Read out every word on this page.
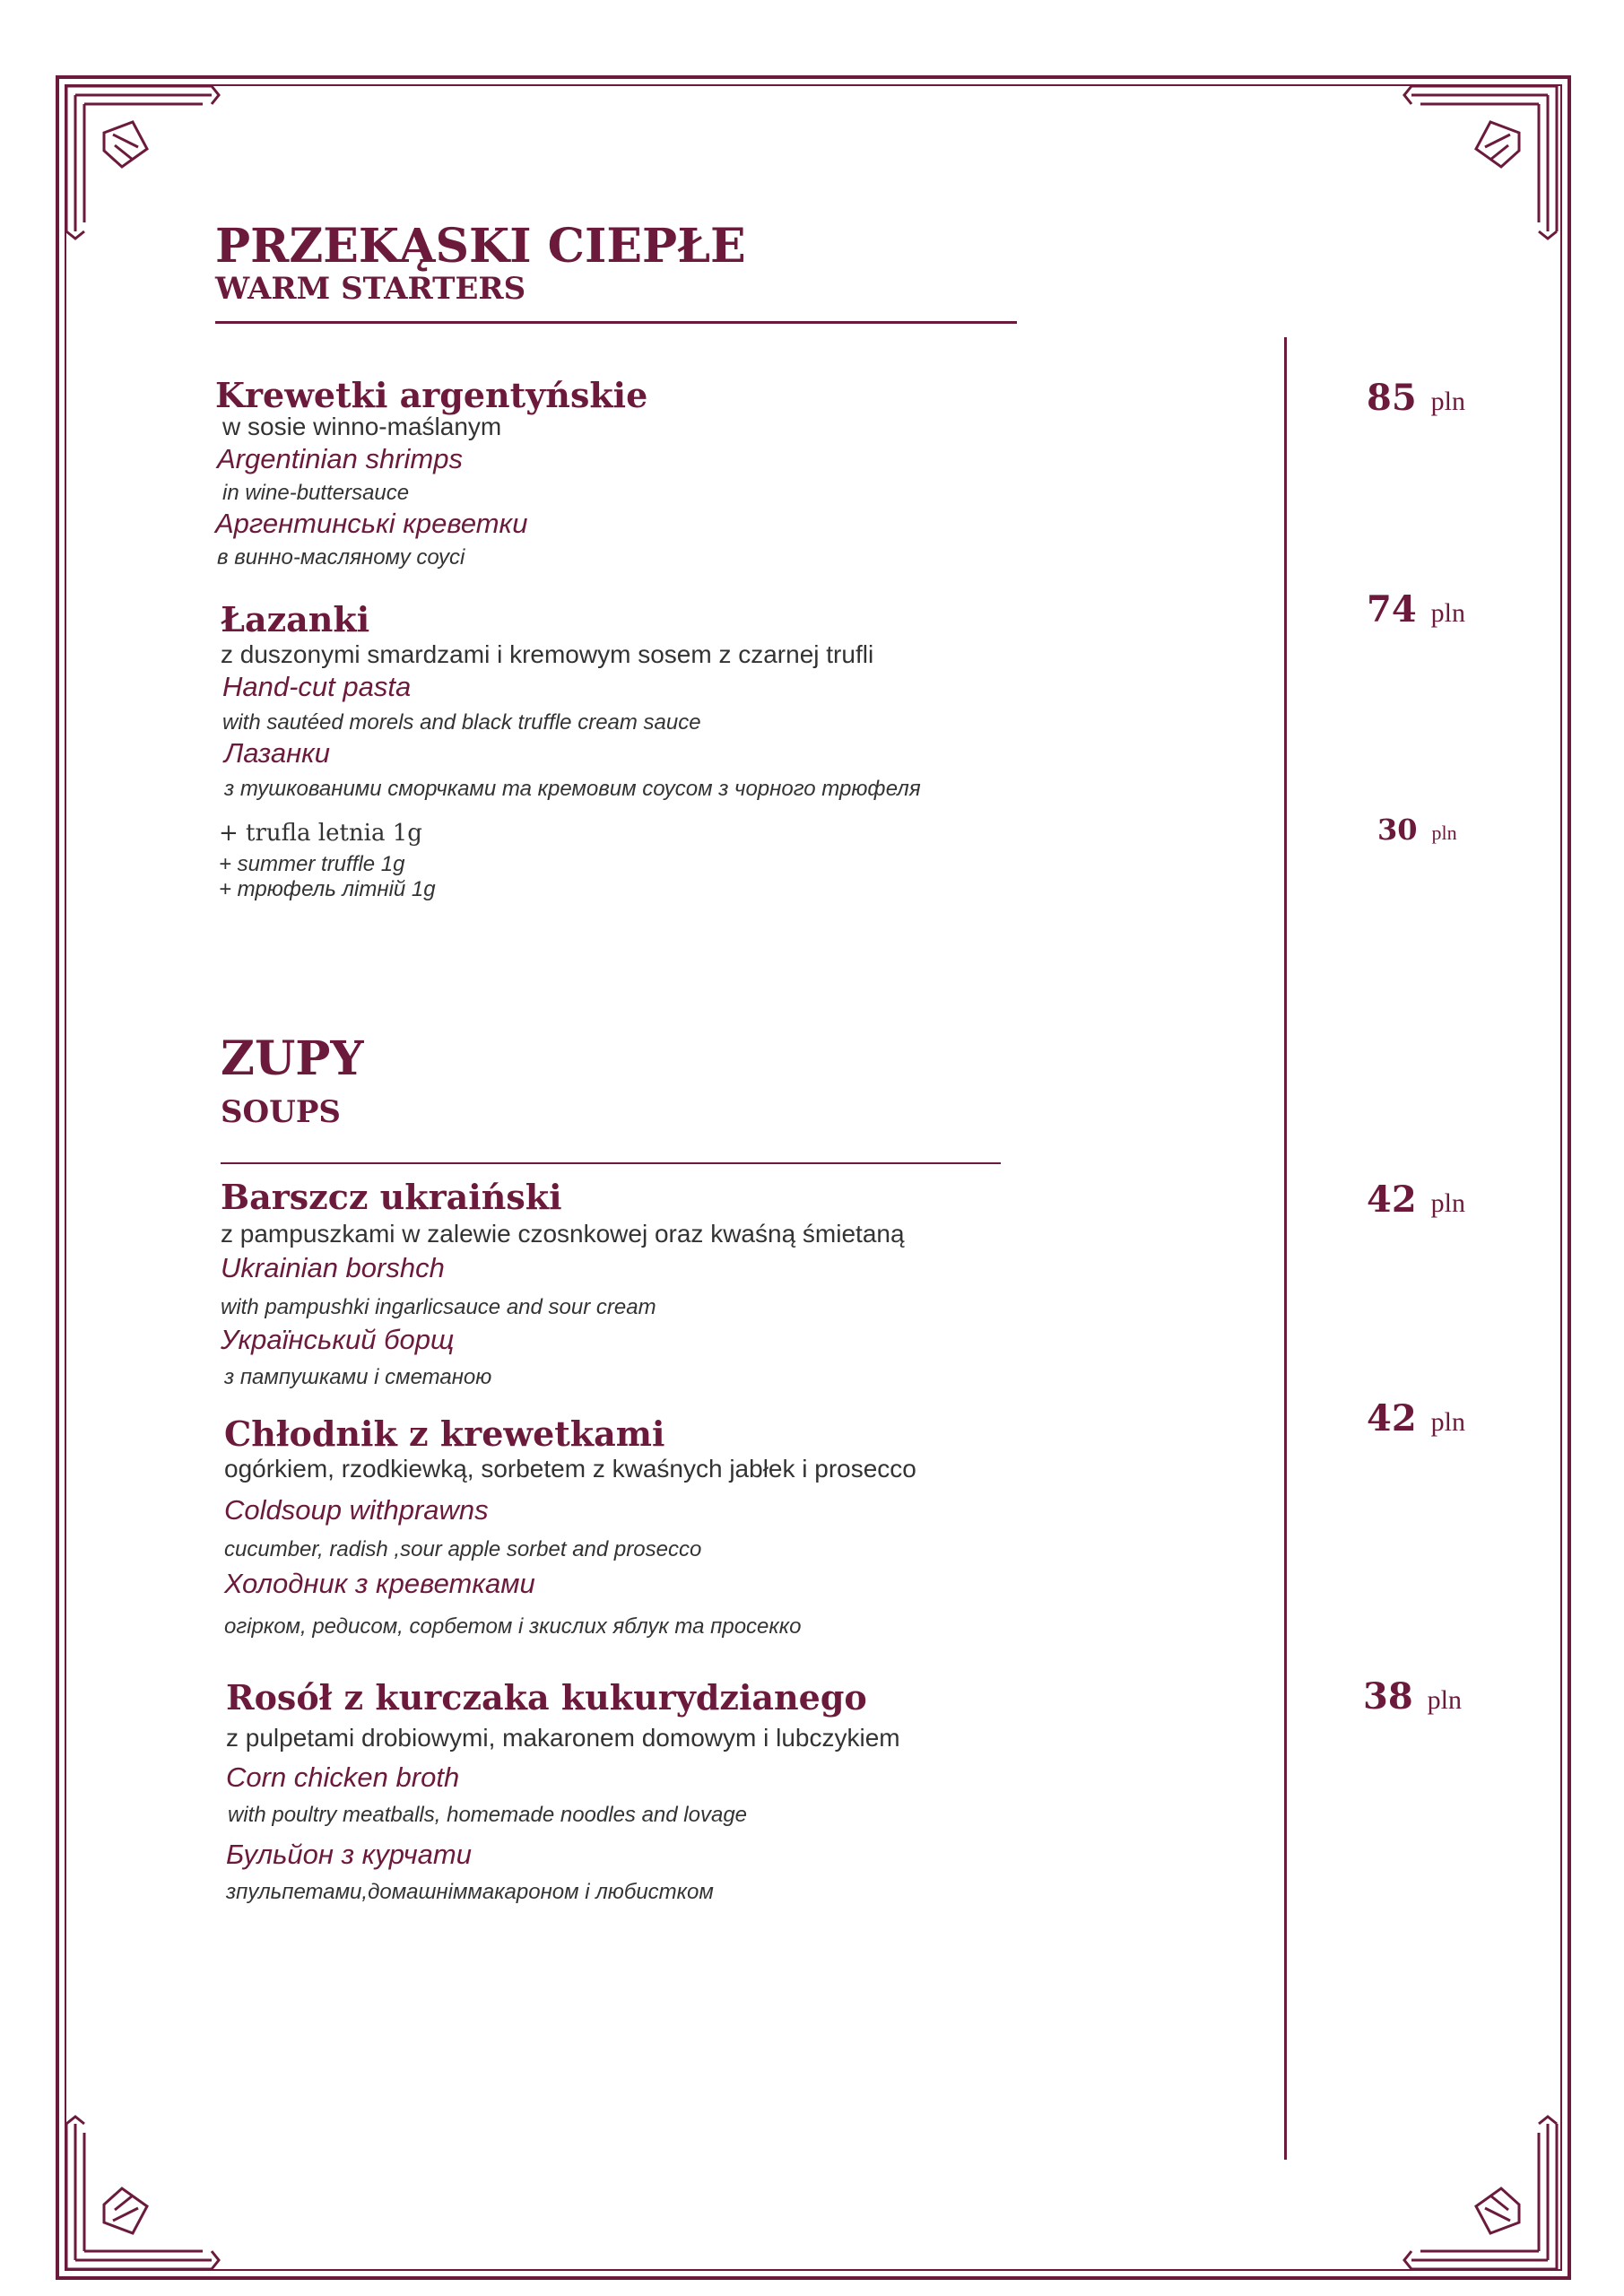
PRZEKĄSKI CIEPŁE
WARM STARTERS
Krewetki argentyńskie
w sosie winno-maślanym
Argentinian shrimps
in wine-buttersauce
Аргентинські креветки
в винно-масляному соусі
85 pln
Łazanki
z duszonymi smardzami i kremowym sosem z czarnej trufli
Hand-cut pasta
with sautéed morels and black truffle cream sauce
Лазанки
з тушкованими сморчками та кремовим соусом з чорного трюфеля
74 pln
+ trufla letnia 1g
+ summer truffle 1g
+ трюфель літній 1g
30 pln
ZUPY
SOUPS
Barszcz ukraiński
z pampuszkami w zalewie czosnkowej oraz kwaśną śmietaną
Ukrainian borshch
with pampushki ingarlicsauce and sour cream
Український борщ
з пампушками і сметаною
42 pln
Chłodnik z krewetkami
ogórkiem, rzodkiewką, sorbetem z kwaśnych jabłek i prosecco
Coldsoup withprawns
cucumber, radish ,sour apple sorbet and prosecco
Холодник з креветками
огірком, редисом, сорбетом і зкислих яблук та просекко
42 pln
Rosół z kurczaka kukurydzianego
z pulpetami drobiowymi, makaronem domowym i lubczykiem
Corn chicken broth
with poultry meatballs, homemade noodles and lovage
Бульйон з курчати
зпульпетами,домашніммакароном і любистком
38 pln
